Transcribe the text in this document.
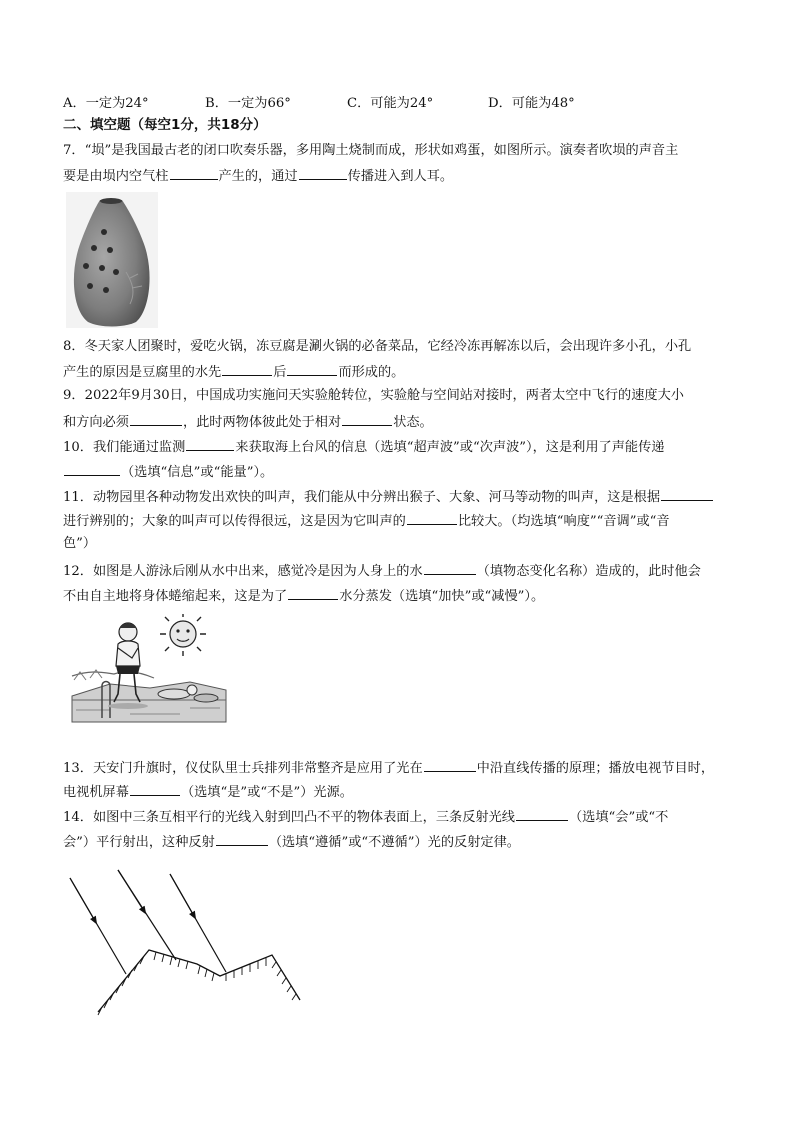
A．一定为24°	B．一定为66°	C．可能为24°	D．可能为48°
二、填空题（每空1分，共18分）
7．“埙”是我国最古老的闭口吹奏乐器，多用陶土烧制而成，形状如鸡蛋，如图所示。演奏者吹埙的声音主
要是由埙内空气柱	产生的，通过	传播进入到人耳。
8．冬天家人团聚时，爱吃火锅，冻豆腐是涮火锅的必备菜品，它经冷冻再解冻以后，会出现许多小孔，小孔
产生的原因是豆腐里的水先	后	而形成的。
9．2022年9月30日，中国成功实施问天实验舱转位，实验舱与空间站对接时，两者太空中飞行的速度大小
和方向必须	，此时两物体彼此处于相对	状态。
10．我们能通过监测	来获取海上台风的信息（选填“超声波”或“次声波”），这是利用了声能传递
（选填“信息”或“能量”）。
11．动物园里各种动物发出欢快的叫声，我们能从中分辨出猴子、大象、河马等动物的叫声，这是根据
进行辨别的；大象的叫声可以传得很远，这是因为它叫声的	比较大。（均选填“响度”“音调”或“音
色”）
12．如图是人游泳后刚从水中出来，感觉冷是因为人身上的水	（填物态变化名称）造成的，此时他会
不由自主地将身体蜷缩起来，这是为了	水分蒸发（选填“加快”或“减慢”）。
13．天安门升旗时，仪仗队里士兵排列非常整齐是应用了光在	中沿直线传播的原理；播放电视节目时，
电视机屏幕	（选填“是”或“不是”）光源。
14．如图中三条互相平行的光线入射到凹凸不平的物体表面上，三条反射光线	（选填“会”或“不
会”）平行射出，这种反射	（选填“遵循”或“不遵循”）光的反射定律。
